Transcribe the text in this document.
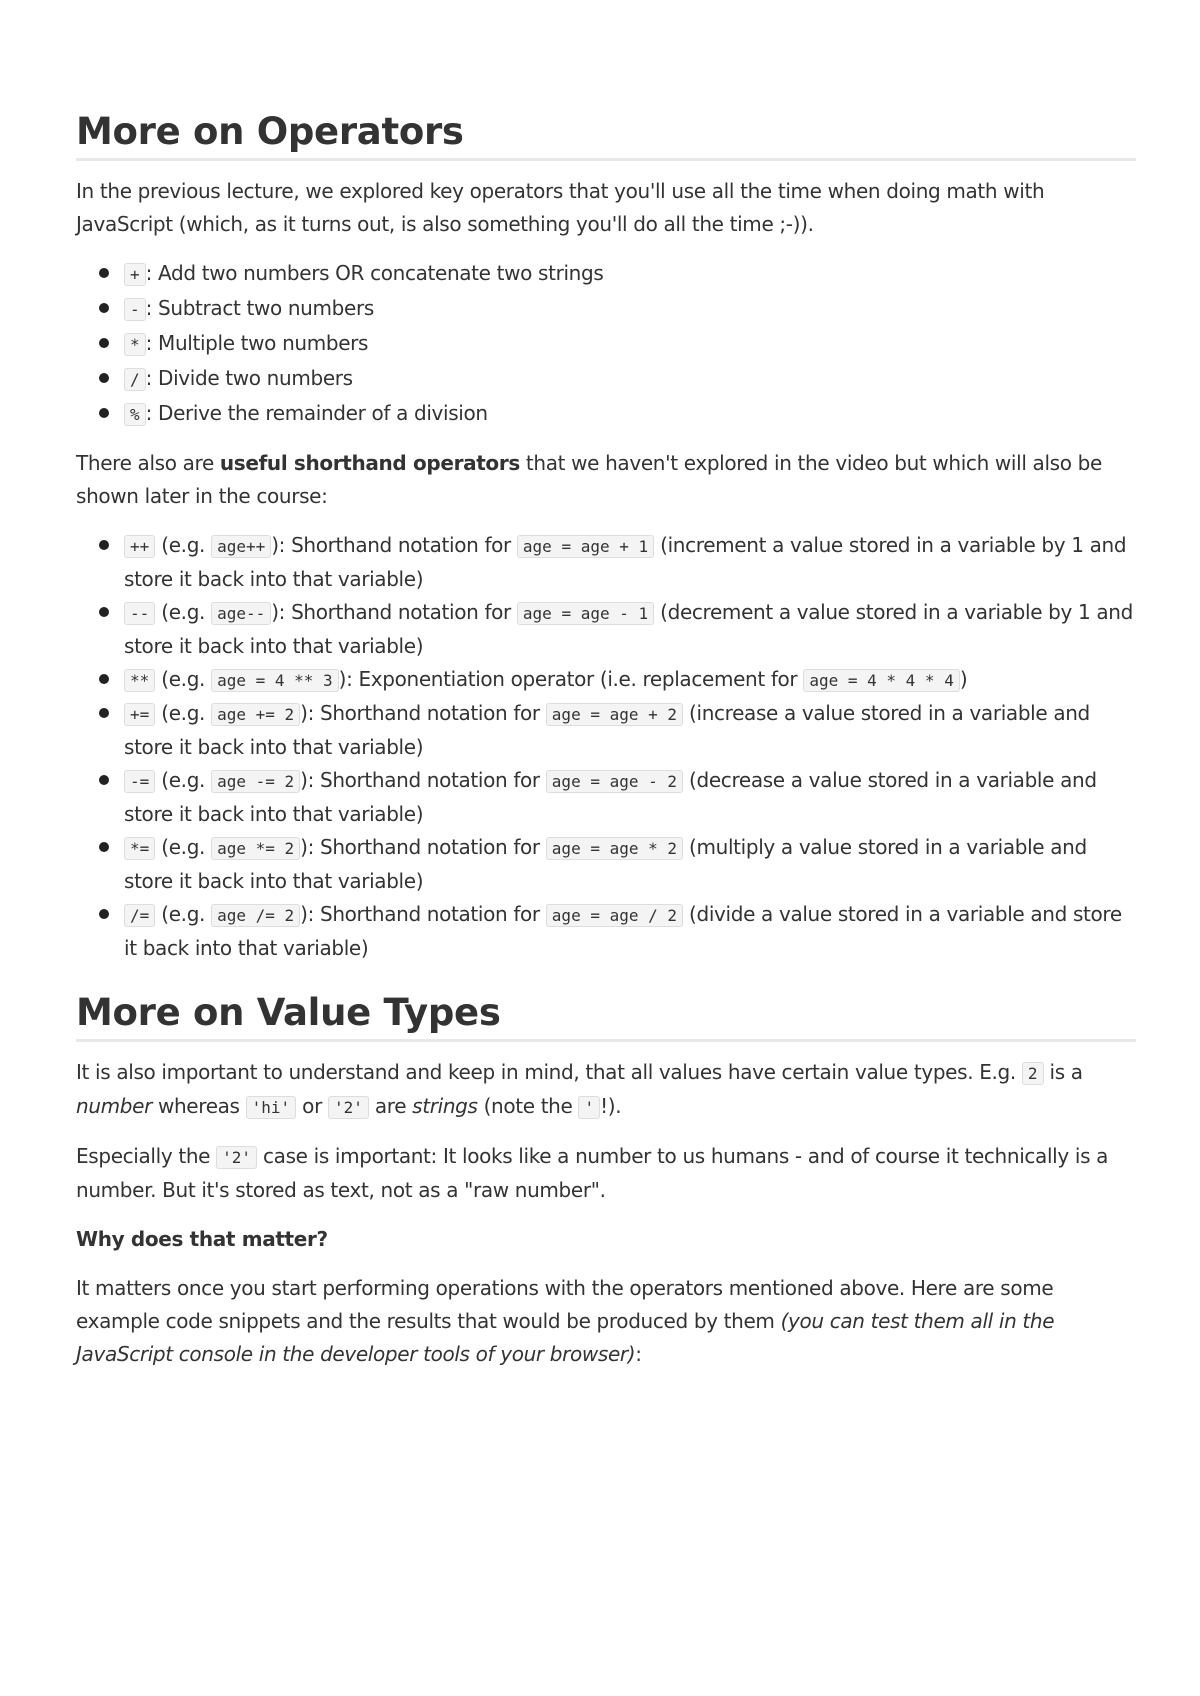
More on Operators

In the previous lecture, we explored key operators that you'll use all the time when doing math with JavaScript (which, as it turns out, is also something you'll do all the time ;-)).

+ : Add two numbers OR concatenate two strings
- : Subtract two numbers
* : Multiple two numbers
/ : Divide two numbers
% : Derive the remainder of a division

There also are useful shorthand operators that we haven't explored in the video but which will also be shown later in the course:

++ (e.g. age++ ): Shorthand notation for age = age + 1 (increment a value stored in a variable by 1 and store it back into that variable)
-- (e.g. age-- ): Shorthand notation for age = age - 1 (decrement a value stored in a variable by 1 and store it back into that variable)
** (e.g. age = 4 ** 3 ): Exponentiation operator (i.e. replacement for age = 4 * 4 * 4 )
+= (e.g. age += 2 ): Shorthand notation for age = age + 2 (increase a value stored in a variable and store it back into that variable)
-= (e.g. age -= 2 ): Shorthand notation for age = age - 2 (decrease a value stored in a variable and store it back into that variable)
*= (e.g. age *= 2 ): Shorthand notation for age = age * 2 (multiply a value stored in a variable and store it back into that variable)
/= (e.g. age /= 2 ): Shorthand notation for age = age / 2 (divide a value stored in a variable and store it back into that variable)
More on Value Types

It is also important to understand and keep in mind, that all values have certain value types. E.g. 2 is a number whereas 'hi' or '2' are strings (note the ' !).

Especially the '2' case is important: It looks like a number to us humans - and of course it technically is a number. But it's stored as text, not as a "raw number".

Why does that matter?

It matters once you start performing operations with the operators mentioned above. Here are some example code snippets and the results that would be produced by them (you can test them all in the JavaScript console in the developer tools of your browser):
